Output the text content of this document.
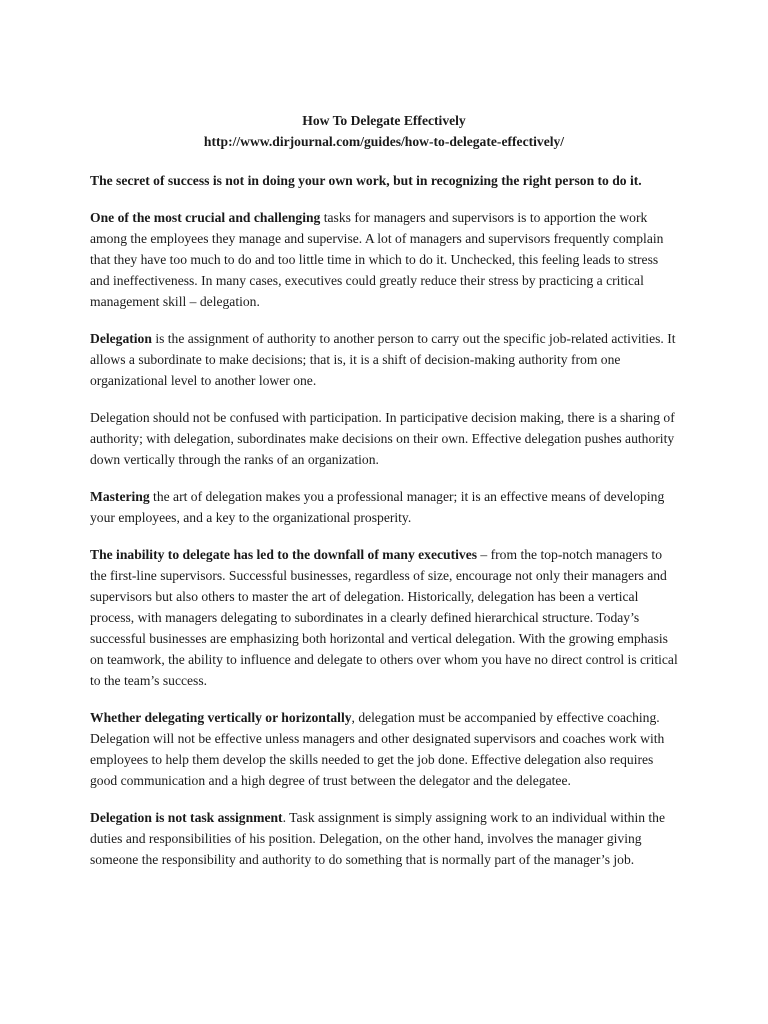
How To Delegate Effectively
http://www.dirjournal.com/guides/how-to-delegate-effectively/

The secret of success is not in doing your own work, but in recognizing the right person to do it.

One of the most crucial and challenging tasks for managers and supervisors is to apportion the work among the employees they manage and supervise. A lot of managers and supervisors frequently complain that they have too much to do and too little time in which to do it. Unchecked, this feeling leads to stress and ineffectiveness. In many cases, executives could greatly reduce their stress by practicing a critical management skill – delegation.

Delegation is the assignment of authority to another person to carry out the specific job-related activities. It allows a subordinate to make decisions; that is, it is a shift of decision-making authority from one organizational level to another lower one.

Delegation should not be confused with participation. In participative decision making, there is a sharing of authority; with delegation, subordinates make decisions on their own. Effective delegation pushes authority down vertically through the ranks of an organization.

Mastering the art of delegation makes you a professional manager; it is an effective means of developing your employees, and a key to the organizational prosperity.

The inability to delegate has led to the downfall of many executives – from the top-notch managers to the first-line supervisors. Successful businesses, regardless of size, encourage not only their managers and supervisors but also others to master the art of delegation. Historically, delegation has been a vertical process, with managers delegating to subordinates in a clearly defined hierarchical structure. Today’s successful businesses are emphasizing both horizontal and vertical delegation. With the growing emphasis on teamwork, the ability to influence and delegate to others over whom you have no direct control is critical to the team’s success.

Whether delegating vertically or horizontally, delegation must be accompanied by effective coaching. Delegation will not be effective unless managers and other designated supervisors and coaches work with employees to help them develop the skills needed to get the job done. Effective delegation also requires good communication and a high degree of trust between the delegator and the delegatee.

Delegation is not task assignment. Task assignment is simply assigning work to an individual within the duties and responsibilities of his position. Delegation, on the other hand, involves the manager giving someone the responsibility and authority to do something that is normally part of the manager’s job.
